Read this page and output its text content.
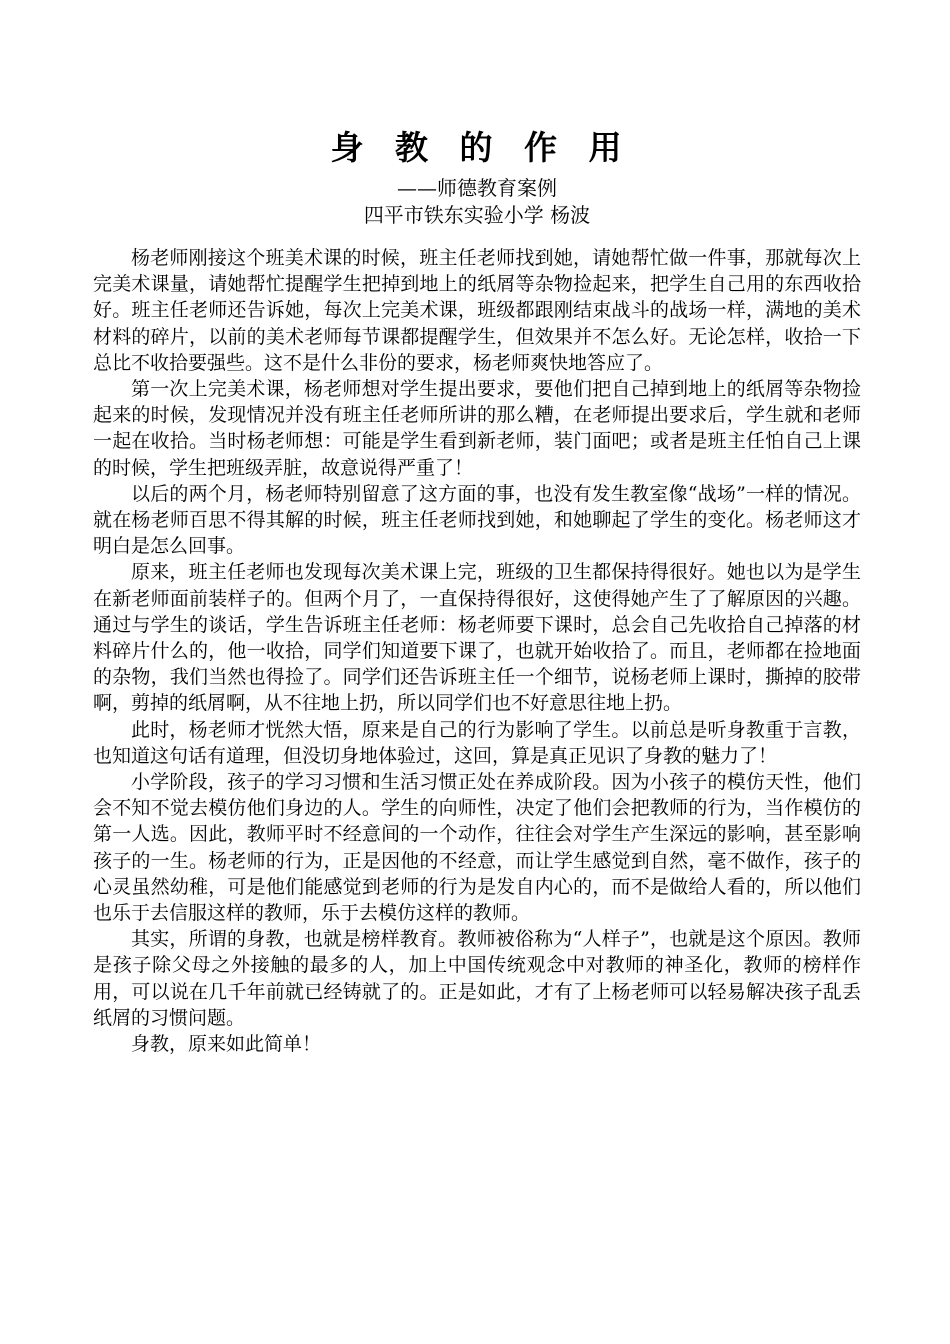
身 教 的 作 用

——师德教育案例

四平市铁东实验小学 杨波

杨老师刚接这个班美术课的时候，班主任老师找到她，请她帮忙做一件事，那就每次上完美术课量，请她帮忙提醒学生把掉到地上的纸屑等杂物捡起来，把学生自己用的东西收拾好。班主任老师还告诉她，每次上完美术课，班级都跟刚结束战斗的战场一样，满地的美术材料的碎片，以前的美术老师每节课都提醒学生，但效果并不怎么好。无论怎样，收拾一下总比不收拾要强些。这不是什么非份的要求，杨老师爽快地答应了。

第一次上完美术课，杨老师想对学生提出要求，要他们把自己掉到地上的纸屑等杂物捡起来的时候，发现情况并没有班主任老师所讲的那么糟，在老师提出要求后，学生就和老师一起在收拾。当时杨老师想：可能是学生看到新老师，装门面吧；或者是班主任怕自己上课的时候，学生把班级弄脏，故意说得严重了！

以后的两个月，杨老师特别留意了这方面的事，也没有发生教室像“战场”一样的情况。就在杨老师百思不得其解的时候，班主任老师找到她，和她聊起了学生的变化。杨老师这才明白是怎么回事。

原来，班主任老师也发现每次美术课上完，班级的卫生都保持得很好。她也以为是学生在新老师面前装样子的。但两个月了，一直保持得很好，这使得她产生了了解原因的兴趣。通过与学生的谈话，学生告诉班主任老师：杨老师要下课时，总会自己先收拾自己掉落的材料碎片什么的，他一收拾，同学们知道要下课了，也就开始收拾了。而且，老师都在捡地面的杂物，我们当然也得捡了。同学们还告诉班主任一个细节，说杨老师上课时，撕掉的胶带啊，剪掉的纸屑啊，从不往地上扔，所以同学们也不好意思往地上扔。

此时，杨老师才恍然大悟，原来是自己的行为影响了学生。以前总是听身教重于言教，也知道这句话有道理，但没切身地体验过，这回，算是真正见识了身教的魅力了！

小学阶段，孩子的学习习惯和生活习惯正处在养成阶段。因为小孩子的模仿天性，他们会不知不觉去模仿他们身边的人。学生的向师性，决定了他们会把教师的行为，当作模仿的第一人选。因此，教师平时不经意间的一个动作，往往会对学生产生深远的影响，甚至影响孩子的一生。杨老师的行为，正是因他的不经意，而让学生感觉到自然，毫不做作，孩子的心灵虽然幼稚，可是他们能感觉到老师的行为是发自内心的，而不是做给人看的，所以他们也乐于去信服这样的教师，乐于去模仿这样的教师。

其实，所谓的身教，也就是榜样教育。教师被俗称为“人样子”，也就是这个原因。教师是孩子除父母之外接触的最多的人，加上中国传统观念中对教师的神圣化，教师的榜样作用，可以说在几千年前就已经铸就了的。正是如此，才有了上杨老师可以轻易解决孩子乱丢纸屑的习惯问题。

身教，原来如此简单！
